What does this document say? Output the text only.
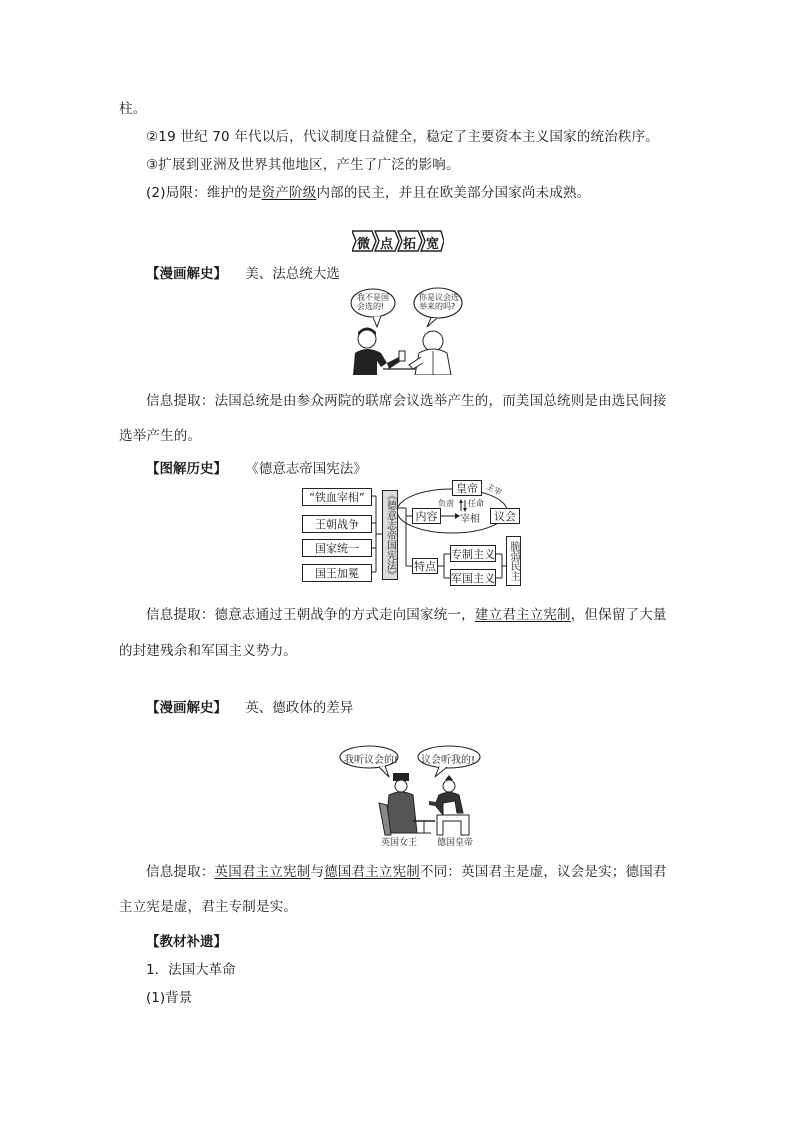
柱。
②19 世纪 70 年代以后，代议制度日益健全，稳定了主要资本主义国家的统治秩序。
③扩展到亚洲及世界其他地区，产生了广泛的影响。
(2)局限：维护的是资产阶级内部的民主，并且在欧美部分国家尚未成熟。
微 点 拓 宽
【漫画解史】 美、法总统大选
我不是国
会选的!
你是议会选
举来的吗?
信息提取：法国总统是由参众两院的联席会议选举产生的，而美国总统则是由选民间接
选举产生的。
【图解历史】 《德意志帝国宪法》
“铁血宰相”
王朝战争
国家统一
国王加冕	《德意志帝国宪法》	内容
皇帝
宰相	议会
负责 任命
主宰
特点
专制主义
军国主义 脆弱民主
信息提取：德意志通过王朝战争的方式走向国家统一，建立君主立宪制，但保留了大量
的封建残余和军国主义势力。
【漫画解史】 英、德政体的差异
我听议会的! 议会听我的!
英国女王 德国皇帝
信息提取：英国君主立宪制与德国君主立宪制不同：英国君主是虚，议会是实；德国君
主立宪是虚，君主专制是实。
【教材补遗】
1．法国大革命
(1)背景
